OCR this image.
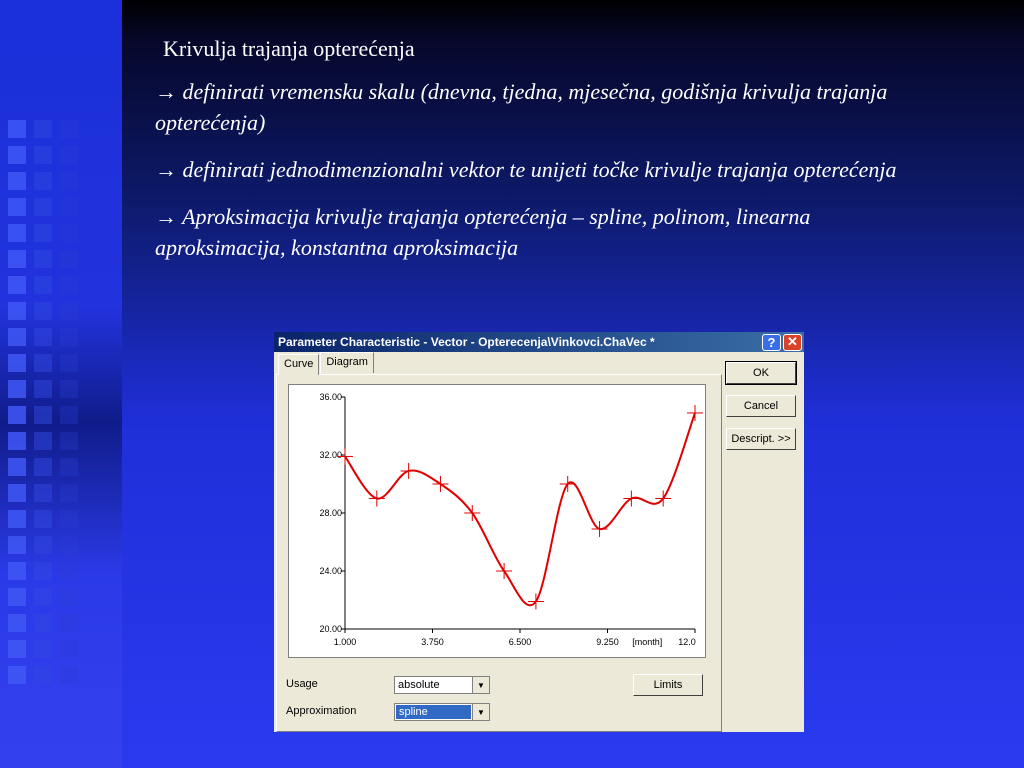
Krivulja trajanja opterećenja
→ definirati vremensku skalu (dnevna, tjedna, mjesečna, godišnja krivulja trajanja opterećenja)
→ definirati jednodimenzionalni vektor te unijeti točke krivulje trajanja opterećenja
→ Aproksimacija krivulje trajanja opterećenja – spline, polinom, linearna aproksimacija, konstantna aproksimacija
Parameter Characteristic - Vector - Opterecenja\Vinkovci.ChaVec *	? ✕
Curve	Diagram
20.00
24.00
28.00
32.00
36.00
1.000	3.750	6.500	9.250	12.0
[month]
OK
Cancel
Descript. >>
Limits
Usage	absolute	▼
Approximation	spline	▼
